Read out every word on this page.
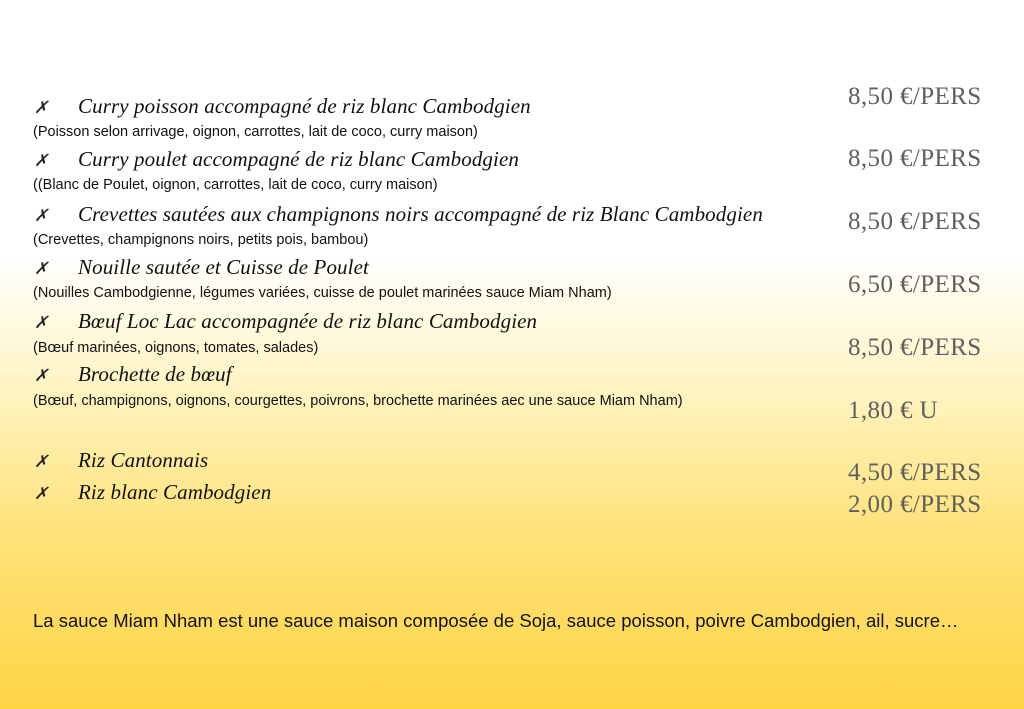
✗ Curry poisson accompagné de riz blanc Cambodgien
(Poisson selon arrivage, oignon, carrottes, lait de coco, curry maison)
8,50 €/PERS
✗ Curry poulet accompagné de riz blanc Cambodgien
((Blanc de Poulet, oignon, carrottes, lait de coco, curry maison)
8,50 €/PERS
✗ Crevettes sautées aux champignons noirs accompagné de riz Blanc Cambodgien
(Crevettes, champignons noirs, petits pois, bambou)
8,50 €/PERS
✗ Nouille sautée et Cuisse de Poulet
(Nouilles Cambodgienne, légumes variées, cuisse de poulet marinées sauce Miam Nham)	6,50 €/PERS
✗ Bœuf Loc Lac accompagnée de riz blanc Cambodgien
(Bœuf marinées, oignons, tomates, salades)	8,50 €/PERS
✗ Brochette de bœuf
(Bœuf, champignons, oignons, courgettes, poivrons, brochette marinées aec une sauce Miam Nham)	1,80 € U
✗ Riz Cantonnais	4,50 €/PERS
✗ Riz blanc Cambodgien	2,00 €/PERS
La sauce Miam Nham est une sauce maison composée de Soja, sauce poisson, poivre Cambodgien, ail, sucre…
